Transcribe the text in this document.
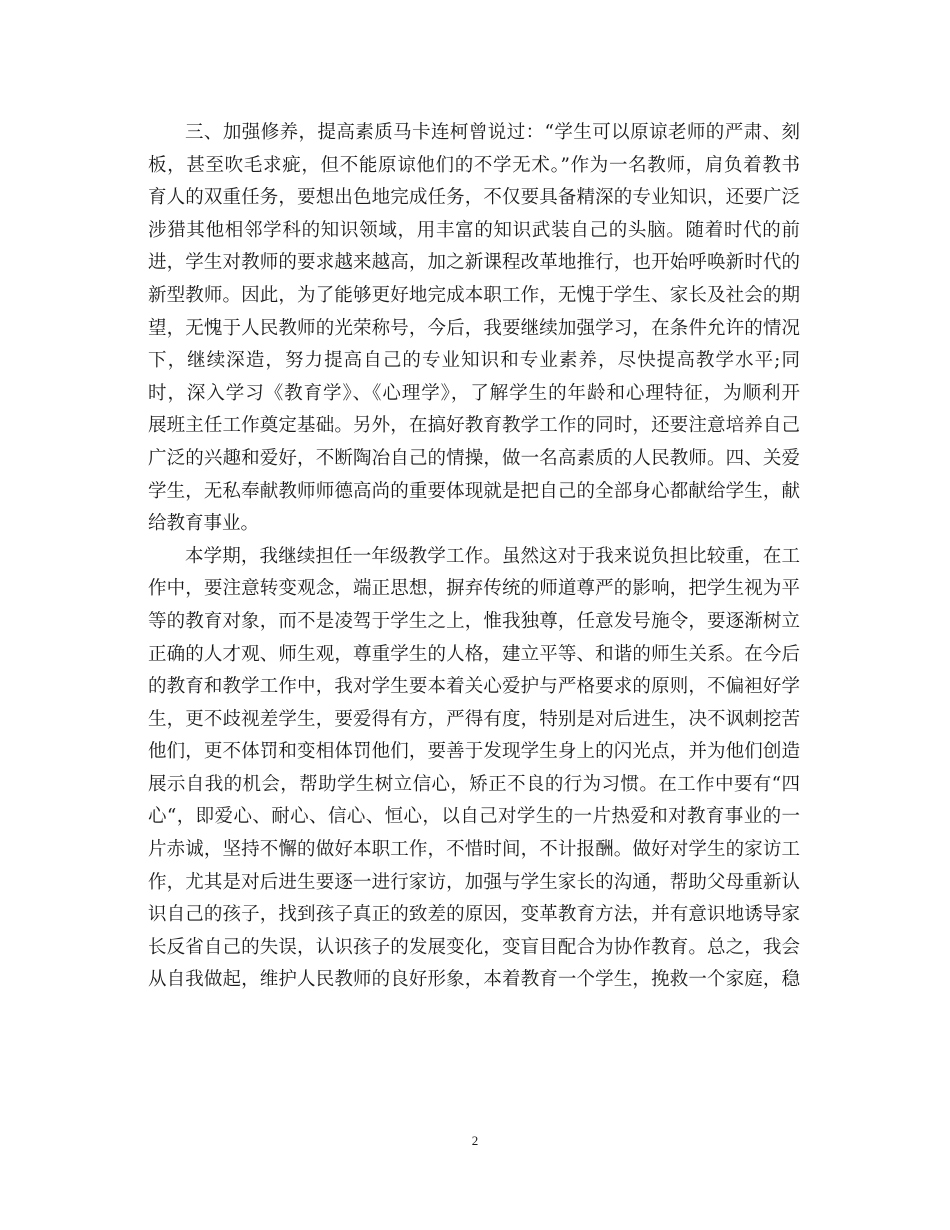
三、加强修养，提高素质马卡连柯曾说过：“学生可以原谅老师的严肃、刻
板，甚至吹毛求疵，但不能原谅他们的不学无术。”作为一名教师，肩负着教书
育人的双重任务，要想出色地完成任务，不仅要具备精深的专业知识，还要广泛
涉猎其他相邻学科的知识领域，用丰富的知识武装自己的头脑。随着时代的前
进，学生对教师的要求越来越高，加之新课程改革地推行，也开始呼唤新时代的
新型教师。因此，为了能够更好地完成本职工作，无愧于学生、家长及社会的期
望，无愧于人民教师的光荣称号，今后，我要继续加强学习，在条件允许的情况
下，继续深造，努力提高自己的专业知识和专业素养，尽快提高教学水平;同
时，深入学习《教育学》、《心理学》，了解学生的年龄和心理特征，为顺利开
展班主任工作奠定基础。另外，在搞好教育教学工作的同时，还要注意培养自己
广泛的兴趣和爱好，不断陶冶自己的情操，做一名高素质的人民教师。四、关爱
学生，无私奉献教师师德高尚的重要体现就是把自己的全部身心都献给学生，献
给教育事业。
本学期，我继续担任一年级教学工作。虽然这对于我来说负担比较重，在工
作中，要注意转变观念，端正思想，摒弃传统的师道尊严的影响，把学生视为平
等的教育对象，而不是凌驾于学生之上，惟我独尊，任意发号施令，要逐渐树立
正确的人才观、师生观，尊重学生的人格，建立平等、和谐的师生关系。在今后
的教育和教学工作中，我对学生要本着关心爱护与严格要求的原则，不偏袒好学
生，更不歧视差学生，要爱得有方，严得有度，特别是对后进生，决不讽刺挖苦
他们，更不体罚和变相体罚他们，要善于发现学生身上的闪光点，并为他们创造
展示自我的机会，帮助学生树立信心，矫正不良的行为习惯。在工作中要有“四
心“，即爱心、耐心、信心、恒心，以自己对学生的一片热爱和对教育事业的一
片赤诚，坚持不懈的做好本职工作，不惜时间，不计报酬。做好对学生的家访工
作，尤其是对后进生要逐一进行家访，加强与学生家长的沟通，帮助父母重新认
识自己的孩子，找到孩子真正的致差的原因，变革教育方法，并有意识地诱导家
长反省自己的失误，认识孩子的发展变化，变盲目配合为协作教育。总之，我会
从自我做起，维护人民教师的良好形象，本着教育一个学生，挽救一个家庭，稳
2
